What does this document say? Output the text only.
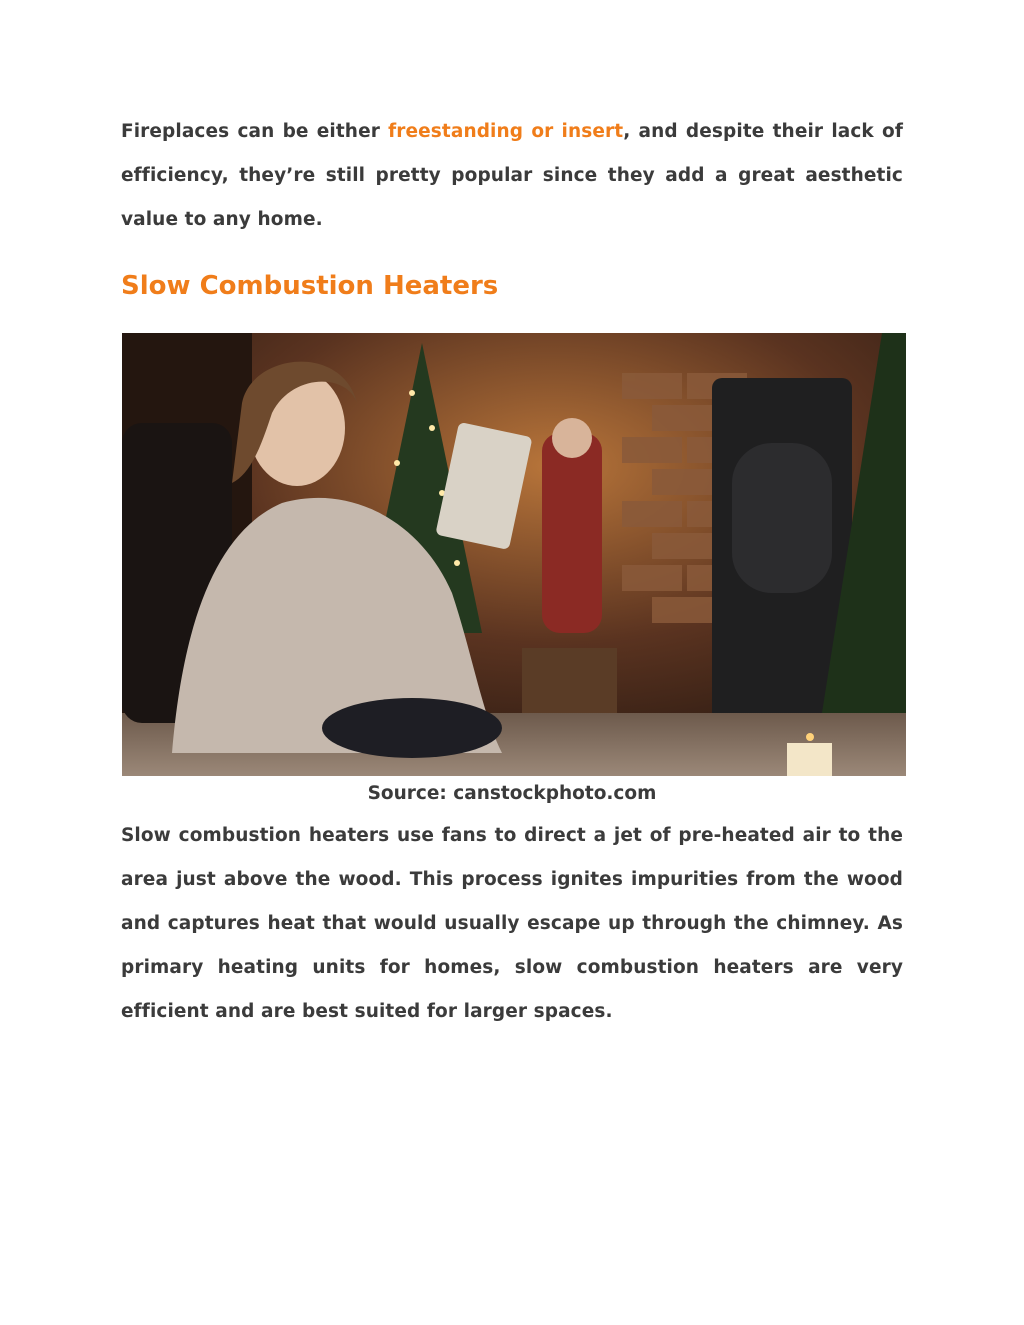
Fireplaces can be either freestanding or insert, and despite their lack of efficiency, they’re still pretty popular since they add a great aesthetic value to any home.

Slow Combustion Heaters
Source: canstockphoto.com

Slow combustion heaters use fans to direct a jet of pre-heated air to the area just above the wood. This process ignites impurities from the wood and captures heat that would usually escape up through the chimney. As primary heating units for homes, slow combustion heaters are very efficient and are best suited for larger spaces.
